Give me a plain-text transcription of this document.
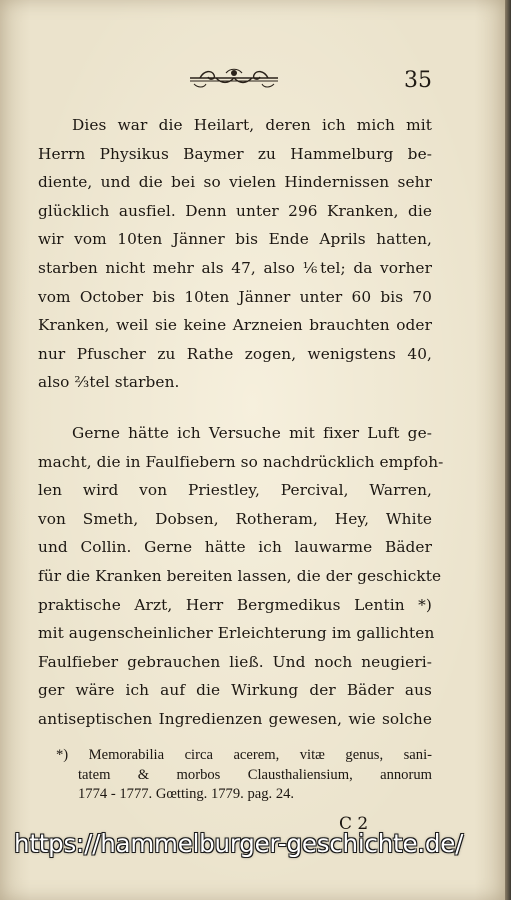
35

Dies war die Heilart, deren ich mich mit
Herrn Physikus Baymer zu Hammelburg be-
diente, und die bei so vielen Hindernissen sehr
glücklich ausfiel. Denn unter 296 Kranken, die
wir vom 10ten Jänner bis Ende Aprils hatten,
starben nicht mehr als 47, also ⅙tel; da vorher
vom October bis 10ten Jänner unter 60 bis 70
Kranken, weil sie keine Arzneien brauchten oder
nur Pfuscher zu Rathe zogen, wenigstens 40,
also ⅔tel starben.

Gerne hätte ich Versuche mit fixer Luft ge-
macht, die in Faulfiebern so nachdrücklich empfoh-
len wird von Priestley, Percival, Warren,
von Smeth, Dobsen, Rotheram, Hey, White
und Collin. Gerne hätte ich lauwarme Bäder
für die Kranken bereiten lassen, die der geschickte
praktische Arzt, Herr Bergmedikus Lentin *)
mit augenscheinlicher Erleichterung im gallichten
Faulfieber gebrauchen ließ. Und noch neugieri-
ger wäre ich auf die Wirkung der Bäder aus
antiseptischen Ingredienzen gewesen, wie solche

*) Memorabilia circa acerem, vitæ genus, sani-
tatem & morbos Clausthaliensium, annorum
1774 - 1777. Gœtting. 1779. pag. 24.

C 2
https://hammelburger-geschichte.de/
